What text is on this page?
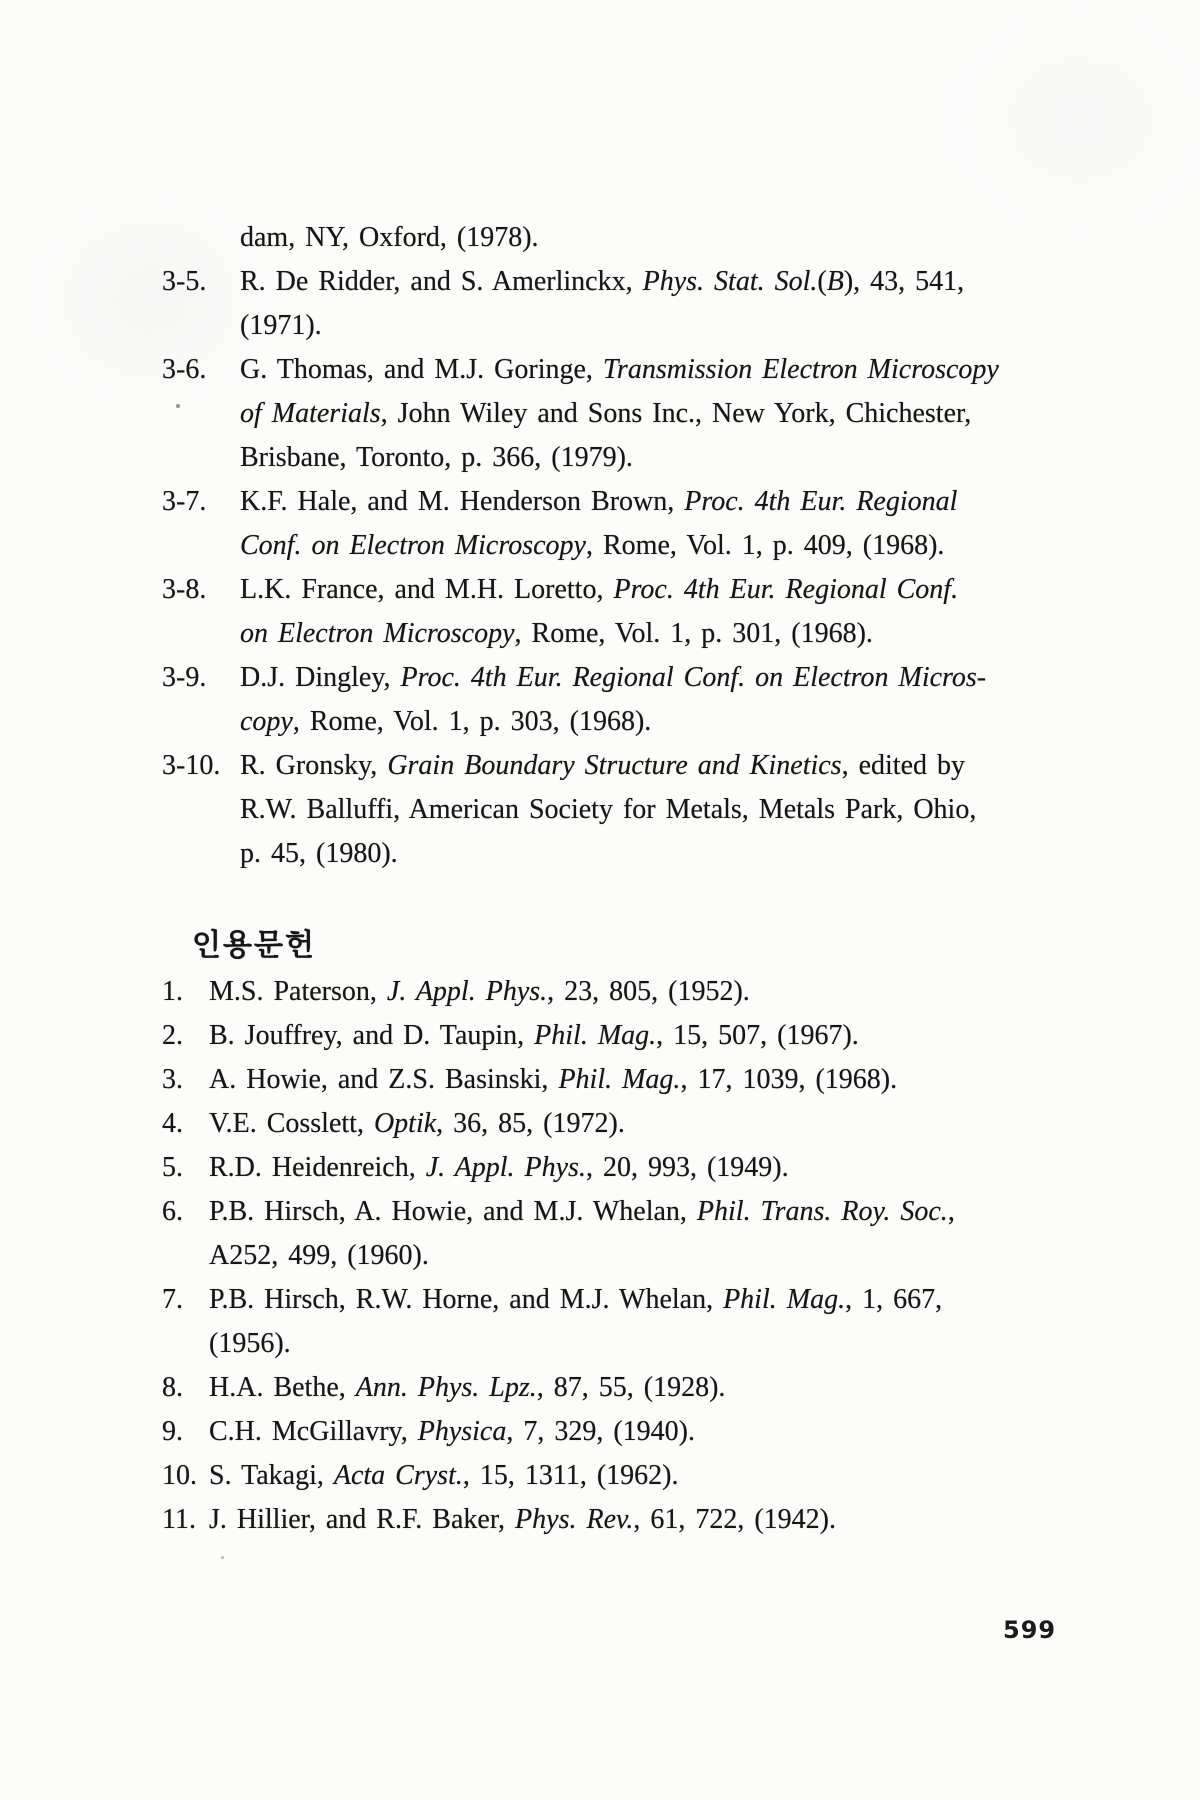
dam, NY, Oxford, (1978).
3-5. R. De Ridder, and S. Amerlinckx, Phys. Stat. Sol.(B), 43, 541,
(1971).
3-6. G. Thomas, and M.J. Goringe, Transmission Electron Microscopy
of Materials, John Wiley and Sons Inc., New York, Chichester,
Brisbane, Toronto, p. 366, (1979).
3-7. K.F. Hale, and M. Henderson Brown, Proc. 4th Eur. Regional
Conf. on Electron Microscopy, Rome, Vol. 1, p. 409, (1968).
3-8. L.K. France, and M.H. Loretto, Proc. 4th Eur. Regional Conf.
on Electron Microscopy, Rome, Vol. 1, p. 301, (1968).
3-9. D.J. Dingley, Proc. 4th Eur. Regional Conf. on Electron Micros-
copy, Rome, Vol. 1, p. 303, (1968).
3-10. R. Gronsky, Grain Boundary Structure and Kinetics, edited by
R.W. Balluffi, American Society for Metals, Metals Park, Ohio,
p. 45, (1980).
인용문헌
1. M.S. Paterson, J. Appl. Phys., 23, 805, (1952).
2. B. Jouffrey, and D. Taupin, Phil. Mag., 15, 507, (1967).
3. A. Howie, and Z.S. Basinski, Phil. Mag., 17, 1039, (1968).
4. V.E. Cosslett, Optik, 36, 85, (1972).
5. R.D. Heidenreich, J. Appl. Phys., 20, 993, (1949).
6. P.B. Hirsch, A. Howie, and M.J. Whelan, Phil. Trans. Roy. Soc.,
A252, 499, (1960).
7. P.B. Hirsch, R.W. Horne, and M.J. Whelan, Phil. Mag., 1, 667,
(1956).
8. H.A. Bethe, Ann. Phys. Lpz., 87, 55, (1928).
9. C.H. McGillavry, Physica, 7, 329, (1940).
10. S. Takagi, Acta Cryst., 15, 1311, (1962).
11. J. Hillier, and R.F. Baker, Phys. Rev., 61, 722, (1942).
599
